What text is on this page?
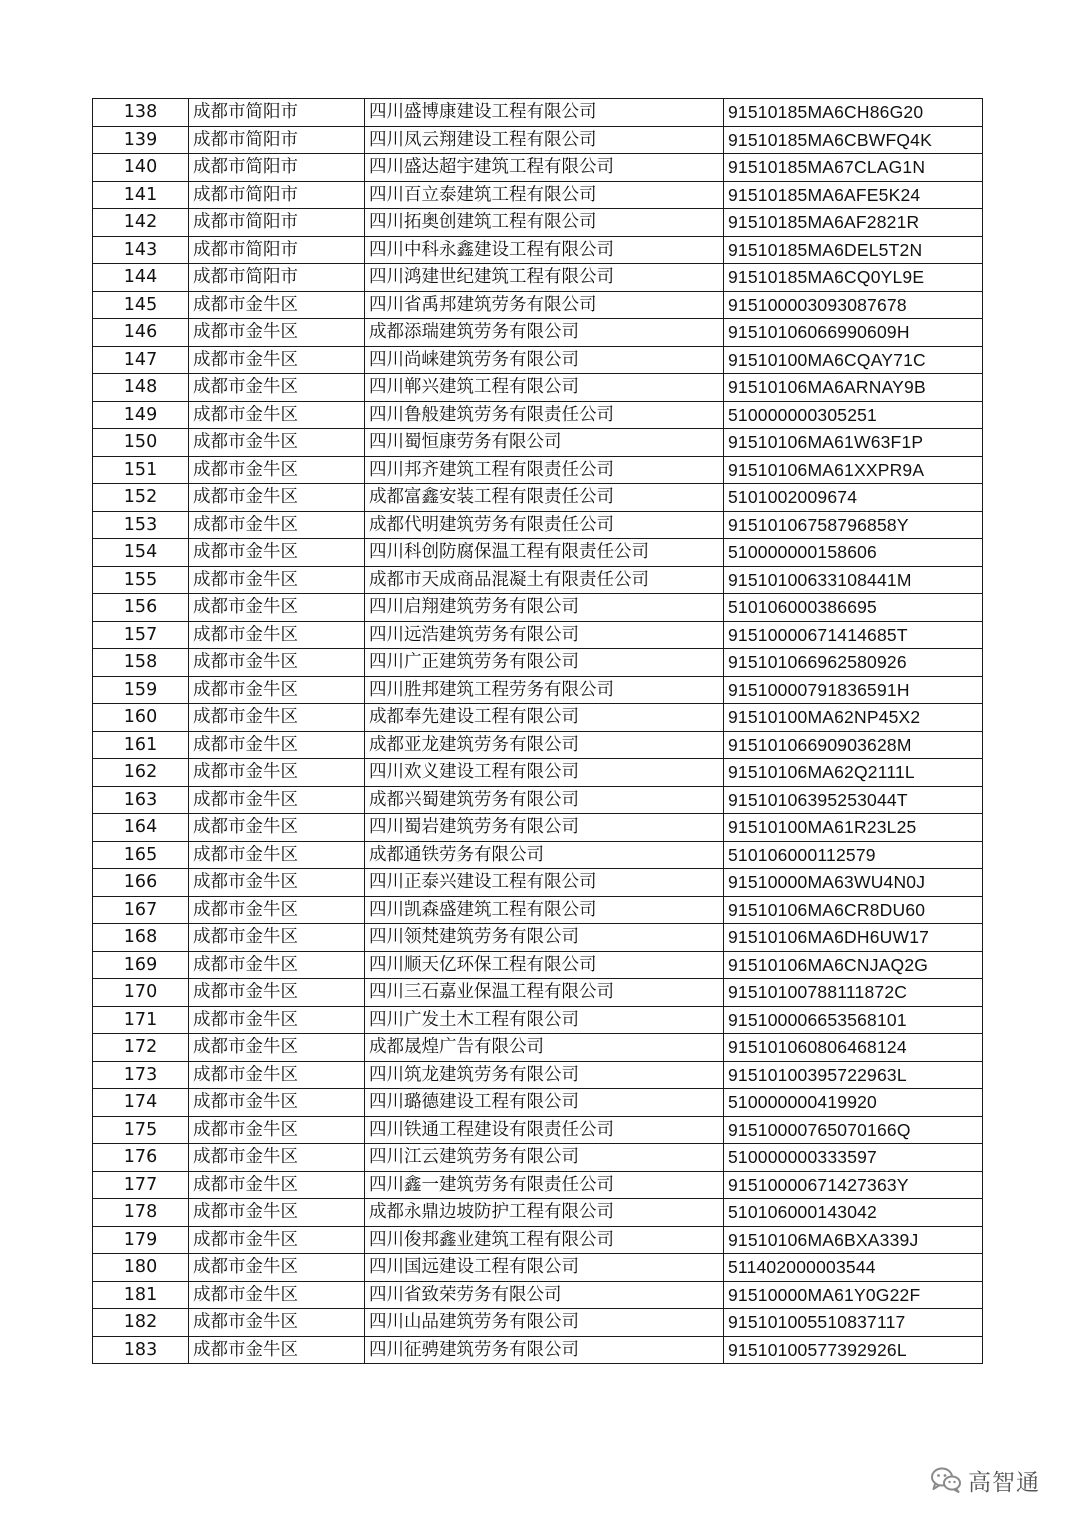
138	成都市简阳市	四川盛博康建设工程有限公司	91510185MA6CH86G20
139	成都市简阳市	四川凤云翔建设工程有限公司	91510185MA6CBWFQ4K
140	成都市简阳市	四川盛达超宇建筑工程有限公司	91510185MA67CLAG1N
141	成都市简阳市	四川百立泰建筑工程有限公司	91510185MA6AFE5K24
142	成都市简阳市	四川拓奥创建筑工程有限公司	91510185MA6AF2821R
143	成都市简阳市	四川中科永鑫建设工程有限公司	91510185MA6DEL5T2N
144	成都市简阳市	四川鸿建世纪建筑工程有限公司	91510185MA6CQ0YL9E
145	成都市金牛区	四川省禹邦建筑劳务有限公司	915100003093087678
146	成都市金牛区	成都添瑞建筑劳务有限公司	91510106066990609H
147	成都市金牛区	四川尚崃建筑劳务有限公司	91510100MA6CQAY71C
148	成都市金牛区	四川郸兴建筑工程有限公司	91510106MA6ARNAY9B
149	成都市金牛区	四川鲁般建筑劳务有限责任公司	510000000305251
150	成都市金牛区	四川蜀恒康劳务有限公司	91510106MA61W63F1P
151	成都市金牛区	四川邦齐建筑工程有限责任公司	91510106MA61XXPR9A
152	成都市金牛区	成都富鑫安装工程有限责任公司	5101002009674
153	成都市金牛区	成都代明建筑劳务有限责任公司	91510106758796858Y
154	成都市金牛区	四川科创防腐保温工程有限责任公司	510000000158606
155	成都市金牛区	成都市天成商品混凝土有限责任公司	91510100633108441M
156	成都市金牛区	四川启翔建筑劳务有限公司	510106000386695
157	成都市金牛区	四川远浩建筑劳务有限公司	91510000671414685T
158	成都市金牛区	四川广正建筑劳务有限公司	915101066962580926
159	成都市金牛区	四川胜邦建筑工程劳务有限公司	91510000791836591H
160	成都市金牛区	成都奉先建设工程有限公司	91510100MA62NP45X2
161	成都市金牛区	成都亚龙建筑劳务有限公司	91510106690903628M
162	成都市金牛区	四川欢义建设工程有限公司	91510106MA62Q2111L
163	成都市金牛区	成都兴蜀建筑劳务有限公司	91510106395253044T
164	成都市金牛区	四川蜀岩建筑劳务有限公司	91510100MA61R23L25
165	成都市金牛区	成都通铁劳务有限公司	510106000112579
166	成都市金牛区	四川正泰兴建设工程有限公司	91510000MA63WU4N0J
167	成都市金牛区	四川凯森盛建筑工程有限公司	91510106MA6CR8DU60
168	成都市金牛区	四川领梵建筑劳务有限公司	91510106MA6DH6UW17
169	成都市金牛区	四川顺天亿环保工程有限公司	91510106MA6CNJAQ2G
170	成都市金牛区	四川三石嘉业保温工程有限公司	91510100788111872C
171	成都市金牛区	四川广发土木工程有限公司	915100006653568101
172	成都市金牛区	成都晟煌广告有限公司	915101060806468124
173	成都市金牛区	四川筑龙建筑劳务有限公司	91510100395722963L
174	成都市金牛区	四川璐德建设工程有限公司	510000000419920
175	成都市金牛区	四川铁通工程建设有限责任公司	91510000765070166Q
176	成都市金牛区	四川江云建筑劳务有限公司	510000000333597
177	成都市金牛区	四川鑫一建筑劳务有限责任公司	91510000671427363Y
178	成都市金牛区	成都永鼎边坡防护工程有限公司	510106000143042
179	成都市金牛区	四川俊邦鑫业建筑工程有限公司	91510106MA6BXA339J
180	成都市金牛区	四川国远建设工程有限公司	511402000003544
181	成都市金牛区	四川省致荣劳务有限公司	91510000MA61Y0G22F
182	成都市金牛区	四川山品建筑劳务有限公司	915101005510837117
183	成都市金牛区	四川征骋建筑劳务有限公司	91510100577392926L
高智通
